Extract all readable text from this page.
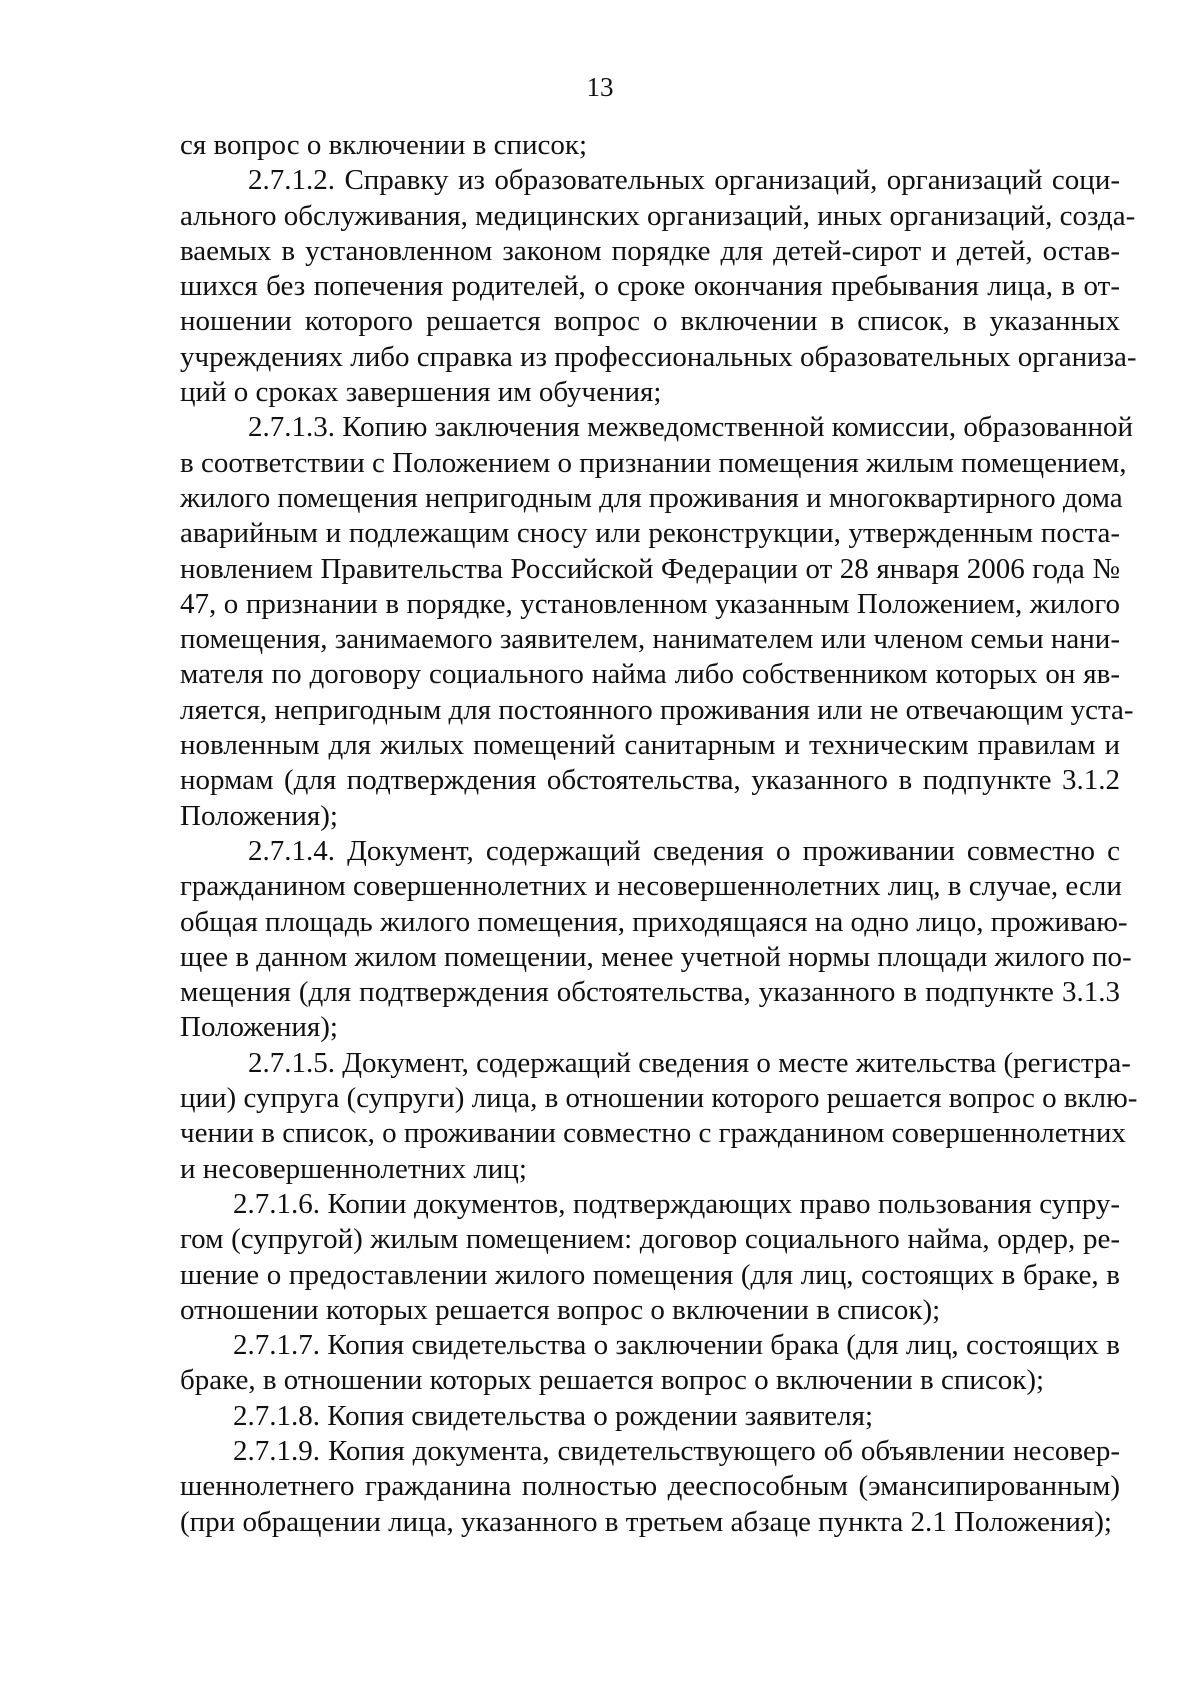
13
ся вопрос о включении в список;
2.7.1.2. Справку из образовательных организаций, организаций соци-
ального обслуживания, медицинских организаций, иных организаций, созда-
ваемых в установленном законом порядке для детей-сирот и детей, остав-
шихся без попечения родителей, о сроке окончания пребывания лица, в от-
ношении которого решается вопрос о включении в список, в указанных
учреждениях либо справка из профессиональных образовательных организа-
ций о сроках завершения им обучения;
2.7.1.3. Копию заключения межведомственной комиссии, образованной
в соответствии с Положением о признании помещения жилым помещением,
жилого помещения непригодным для проживания и многоквартирного дома
аварийным и подлежащим сносу или реконструкции, утвержденным поста-
новлением Правительства Российской Федерации от 28 января 2006 года №
47, о признании в порядке, установленном указанным Положением, жилого
помещения, занимаемого заявителем, нанимателем или членом семьи нани-
мателя по договору социального найма либо собственником которых он яв-
ляется, непригодным для постоянного проживания или не отвечающим уста-
новленным для жилых помещений санитарным и техническим правилам и
нормам (для подтверждения обстоятельства, указанного в подпункте 3.1.2
Положения);
2.7.1.4. Документ, содержащий сведения о проживании совместно с
гражданином совершеннолетних и несовершеннолетних лиц, в случае, если
общая площадь жилого помещения, приходящаяся на одно лицо, проживаю-
щее в данном жилом помещении, менее учетной нормы площади жилого по-
мещения (для подтверждения обстоятельства, указанного в подпункте 3.1.3
Положения);
2.7.1.5. Документ, содержащий сведения о месте жительства (регистра-
ции) супруга (супруги) лица, в отношении которого решается вопрос о вклю-
чении в список, о проживании совместно с гражданином совершеннолетних
и несовершеннолетних лиц;
2.7.1.6. Копии документов, подтверждающих право пользования супру-
гом (супругой) жилым помещением: договор социального найма, ордер, ре-
шение о предоставлении жилого помещения (для лиц, состоящих в браке, в
отношении которых решается вопрос о включении в список);
2.7.1.7. Копия свидетельства о заключении брака (для лиц, состоящих в
браке, в отношении которых решается вопрос о включении в список);
2.7.1.8. Копия свидетельства о рождении заявителя;
2.7.1.9. Копия документа, свидетельствующего об объявлении несовер-
шеннолетнего гражданина полностью дееспособным (эмансипированным)
(при обращении лица, указанного в третьем абзаце пункта 2.1 Положения);
